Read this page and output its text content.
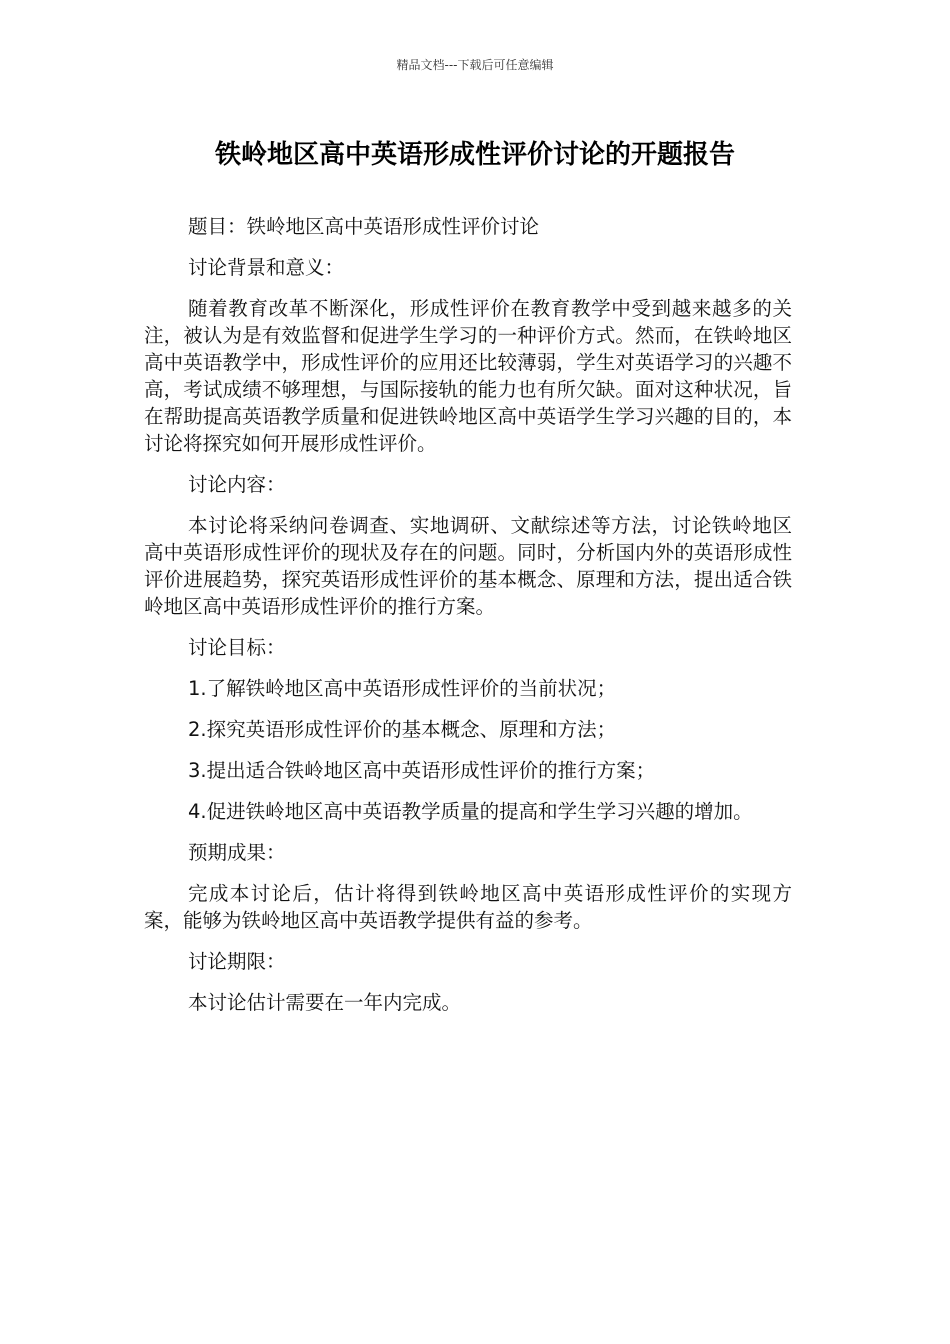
精品文档---下载后可任意编辑
铁岭地区高中英语形成性评价讨论的开题报告

题目：铁岭地区高中英语形成性评价讨论

讨论背景和意义：

随着教育改革不断深化，形成性评价在教育教学中受到越来越多的关注，被认为是有效监督和促进学生学习的一种评价方式。然而，在铁岭地区高中英语教学中，形成性评价的应用还比较薄弱，学生对英语学习的兴趣不高，考试成绩不够理想，与国际接轨的能力也有所欠缺。面对这种状况，旨在帮助提高英语教学质量和促进铁岭地区高中英语学生学习兴趣的目的，本讨论将探究如何开展形成性评价。

讨论内容：

本讨论将采纳问卷调查、实地调研、文献综述等方法，讨论铁岭地区高中英语形成性评价的现状及存在的问题。同时，分析国内外的英语形成性评价进展趋势，探究英语形成性评价的基本概念、原理和方法，提出适合铁岭地区高中英语形成性评价的推行方案。

讨论目标：

1.了解铁岭地区高中英语形成性评价的当前状况；

2.探究英语形成性评价的基本概念、原理和方法；

3.提出适合铁岭地区高中英语形成性评价的推行方案；

4.促进铁岭地区高中英语教学质量的提高和学生学习兴趣的增加。

预期成果：

完成本讨论后，估计将得到铁岭地区高中英语形成性评价的实现方案，能够为铁岭地区高中英语教学提供有益的参考。

讨论期限：

本讨论估计需要在一年内完成。
